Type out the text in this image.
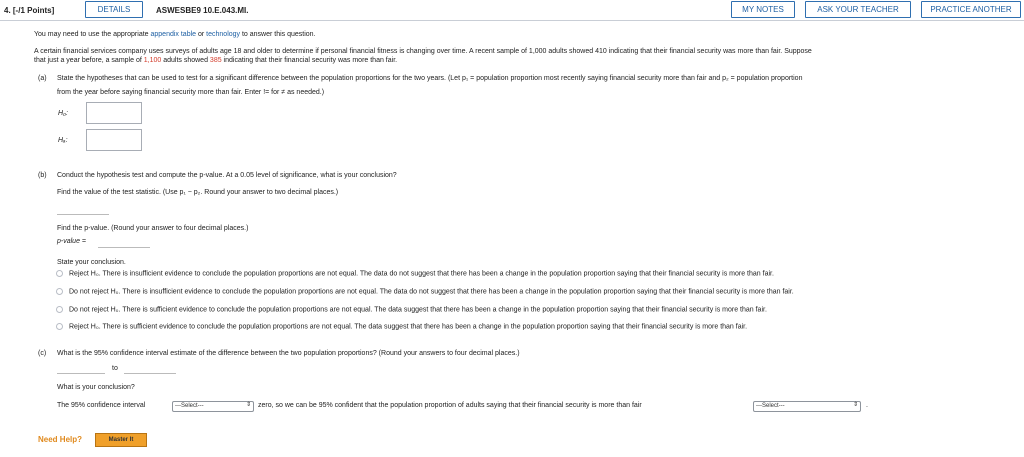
4. [-/1 Points]	DETAILS	ASWESBE9 10.E.043.MI.	MY NOTES	ASK YOUR TEACHER	PRACTICE ANOTHER

You may need to use the appropriate appendix table or technology to answer this question.

A certain financial services company uses surveys of adults age 18 and older to determine if personal financial fitness is changing over time. A recent sample of 1,000 adults showed 410 indicating that their financial security was more than fair. Suppose

that just a year before, a sample of 1,100 adults showed 385 indicating that their financial security was more than fair.

(a) State the hypotheses that can be used to test for a significant difference between the population proportions for the two years. (Let p₁ = population proportion most recently saying financial security more than fair and p₂ = population proportion

from the year before saying financial security more than fair. Enter != for ≠ as needed.)

H₀:
Hₐ:
(b) Conduct the hypothesis test and compute the p-value. At a 0.05 level of significance, what is your conclusion?

Find the value of the test statistic. (Use p₁ − p₂. Round your answer to two decimal places.)

Find the p-value. (Round your answer to four decimal places.)

p-value =

State your conclusion.

Reject H₀. There is insufficient evidence to conclude the population proportions are not equal. The data do not suggest that there has been a change in the population proportion saying that their financial security is more than fair.
Do not reject H₀. There is insufficient evidence to conclude the population proportions are not equal. The data do not suggest that there has been a change in the population proportion saying that their financial security is more than fair.
Do not reject H₀. There is sufficient evidence to conclude the population proportions are not equal. The data suggest that there has been a change in the population proportion saying that their financial security is more than fair.
Reject H₀. There is sufficient evidence to conclude the population proportions are not equal. The data suggest that there has been a change in the population proportion saying that their financial security is more than fair.
(c) What is the 95% confidence interval estimate of the difference between the two population proportions? (Round your answers to four decimal places.)

to

What is your conclusion?

The 95% confidence interval	---Select---	⇕ zero, so we can be 95% confident that the population proportion of adults saying that their financial security is more than fair	---Select---	⇕ .
Need Help?	Master It
